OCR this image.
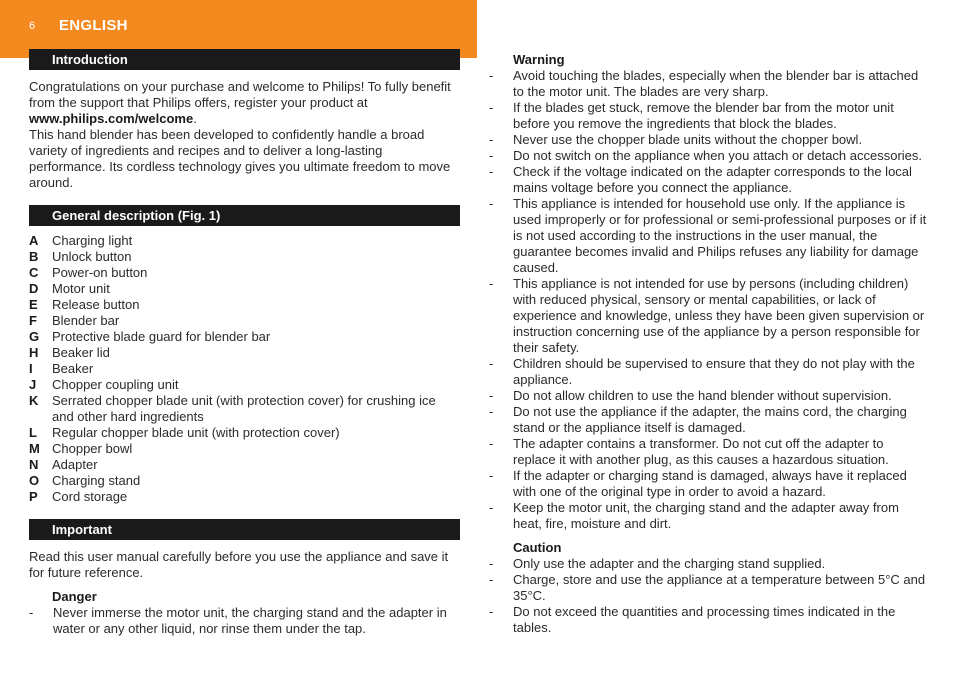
6 ENGLISH
Introduction

Congratulations on your purchase and welcome to Philips! To fully benefit from the support that Philips offers, register your product at www.philips.com/welcome.

This hand blender has been developed to confidently handle a broad variety of ingredients and recipes and to deliver a long-lasting performance. Its cordless technology gives you ultimate freedom to move around.

General description (Fig. 1)
A	Charging light
B	Unlock button
C	Power-on button
D	Motor unit
E	Release button
F	Blender bar
G Protective blade guard for blender bar
H	Beaker lid
I	Beaker
J	Chopper coupling unit
K	Serrated chopper blade unit (with protection cover) for crushing ice and other hard ingredients
L	Regular chopper blade unit (with protection cover)
M Chopper bowl
N	Adapter
O Charging stand
P	Cord storage
Important

Read this user manual carefully before you use the appliance and save it for future reference.

Danger
-	Never immerse the motor unit, the charging stand and the adapter in water or any other liquid, nor rinse them under the tap.
Warning
-	Avoid touching the blades, especially when the blender bar is attached to the motor unit. The blades are very sharp.
-	If the blades get stuck, remove the blender bar from the motor unit before you remove the ingredients that block the blades.
-	Never use the chopper blade units without the chopper bowl.
-	Do not switch on the appliance when you attach or detach accessories.
-	Check if the voltage indicated on the adapter corresponds to the local mains voltage before you connect the appliance.
-	This appliance is intended for household use only. If the appliance is used improperly or for professional or semi-professional purposes or if it is not used according to the instructions in the user manual, the guarantee becomes invalid and Philips refuses any liability for damage caused.
-	This appliance is not intended for use by persons (including children) with reduced physical, sensory or mental capabilities, or lack of experience and knowledge, unless they have been given supervision or instruction concerning use of the appliance by a person responsible for their safety.
-	Children should be supervised to ensure that they do not play with the appliance.
-	Do not allow children to use the hand blender without supervision.
-	Do not use the appliance if the adapter, the mains cord, the charging stand or the appliance itself is damaged.
-	The adapter contains a transformer. Do not cut off the adapter to replace it with another plug, as this causes a hazardous situation.
-	If the adapter or charging stand is damaged, always have it replaced with one of the original type in order to avoid a hazard.
-	Keep the motor unit, the charging stand and the adapter away from heat, fire, moisture and dirt.
Caution
-	Only use the adapter and the charging stand supplied.
-	Charge, store and use the appliance at a temperature between 5°C and 35°C.
-	Do not exceed the quantities and processing times indicated in the tables.
